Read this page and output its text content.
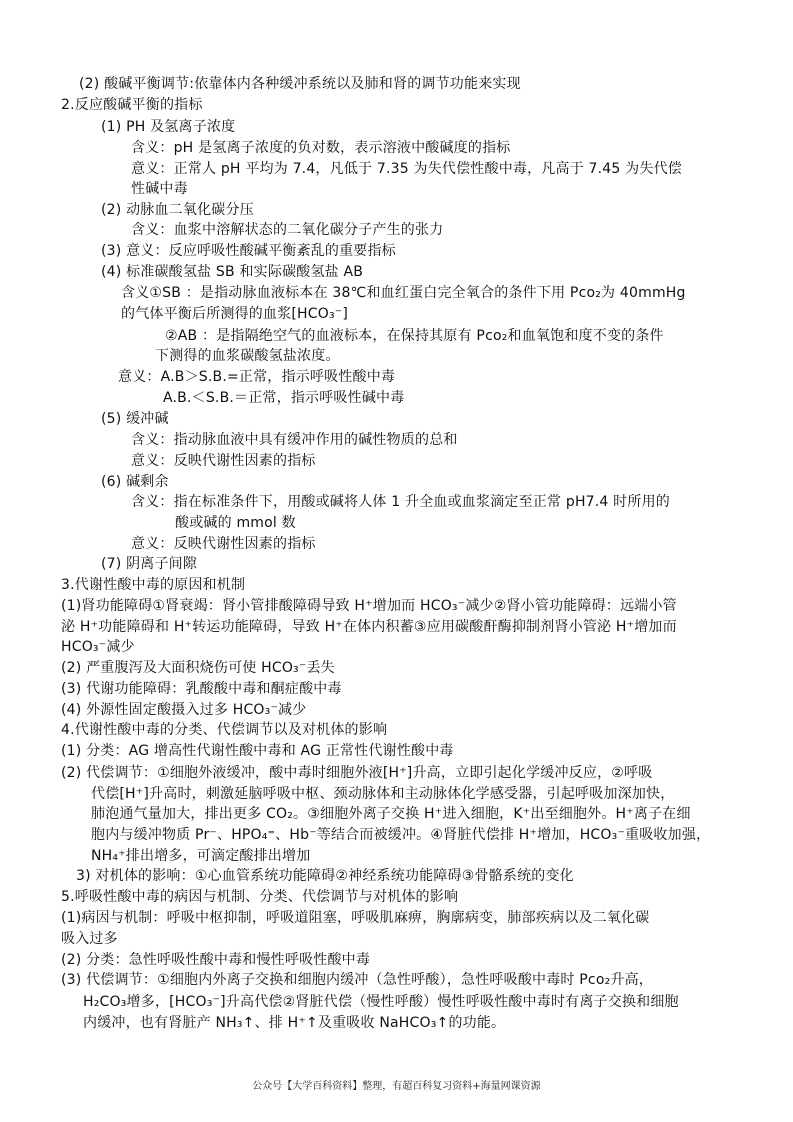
(2) 酸碱平衡调节:依靠体内各种缓冲系统以及肺和肾的调节功能来实现
2.反应酸碱平衡的指标
(1) PH 及氢离子浓度
含义：pH 是氢离子浓度的负对数，表示溶液中酸碱度的指标
意义：正常人 pH 平均为 7.4，凡低于 7.35 为失代偿性酸中毒，凡高于 7.45 为失代偿
性碱中毒
(2) 动脉血二氧化碳分压
含义：血浆中溶解状态的二氧化碳分子产生的张力
(3) 意义：反应呼吸性酸碱平衡紊乱的重要指标
(4) 标准碳酸氢盐 SB 和实际碳酸氢盐 AB
含义①SB ：是指动脉血液标本在 38℃和血红蛋白完全氧合的条件下用 Pco₂为 40mmHg
的气体平衡后所测得的血浆[HCO₃⁻]
②AB ：是指隔绝空气的血液标本，在保持其原有 Pco₂和血氧饱和度不变的条件
下测得的血浆碳酸氢盐浓度。
意义：A.B＞S.B.=正常，指示呼吸性酸中毒
A.B.＜S.B.＝正常，指示呼吸性碱中毒
(5) 缓冲碱
含义：指动脉血液中具有缓冲作用的碱性物质的总和
意义：反映代谢性因素的指标
(6) 碱剩余
含义：指在标准条件下，用酸或碱将人体 1 升全血或血浆滴定至正常 pH7.4 时所用的
酸或碱的 mmol 数
意义：反映代谢性因素的指标
(7) 阴离子间隙
3.代谢性酸中毒的原因和机制
(1)肾功能障碍①肾衰竭：肾小管排酸障碍导致 H⁺增加而 HCO₃⁻减少②肾小管功能障碍：远端小管
泌 H⁺功能障碍和 H⁺转运功能障碍，导致 H⁺在体内积蓄③应用碳酸酐酶抑制剂肾小管泌 H⁺增加而
HCO₃⁻减少
(2) 严重腹泻及大面积烧伤可使 HCO₃⁻丢失
(3) 代谢功能障碍：乳酸酸中毒和酮症酸中毒
(4) 外源性固定酸摄入过多 HCO₃⁻减少
4.代谢性酸中毒的分类、代偿调节以及对机体的影响
(1) 分类：AG 增高性代谢性酸中毒和 AG 正常性代谢性酸中毒
(2) 代偿调节：①细胞外液缓冲，酸中毒时细胞外液[H⁺]升高，立即引起化学缓冲反应，②呼吸
代偿[H⁺]升高时，刺激延脑呼吸中枢、颈动脉体和主动脉体化学感受器，引起呼吸加深加快，
肺泡通气量加大，排出更多 CO₂。③细胞外离子交换 H⁺进入细胞，K⁺出至细胞外。H⁺离子在细
胞内与缓冲物质 Pr⁻、HPO₄⁼、Hb⁻等结合而被缓冲。④肾脏代偿排 H⁺增加，HCO₃⁻重吸收加强，
NH₄⁺排出增多，可滴定酸排出增加
3) 对机体的影响：①心血管系统功能障碍②神经系统功能障碍③骨骼系统的变化
5.呼吸性酸中毒的病因与机制、分类、代偿调节与对机体的影响
(1)病因与机制：呼吸中枢抑制，呼吸道阻塞，呼吸肌麻痹，胸廓病变，肺部疾病以及二氧化碳
吸入过多
(2) 分类：急性呼吸性酸中毒和慢性呼吸性酸中毒
(3) 代偿调节：①细胞内外离子交换和细胞内缓冲（急性呼酸），急性呼吸酸中毒时 Pco₂升高，
H₂CO₃增多，[HCO₃⁻]升高代偿②肾脏代偿（慢性呼酸）慢性呼吸性酸中毒时有离子交换和细胞
内缓冲，也有肾脏产 NH₃↑、排 H⁺↑及重吸收 NaHCO₃↑的功能。
公众号【大学百科资料】整理，有超百科复习资料+海量网课资源
